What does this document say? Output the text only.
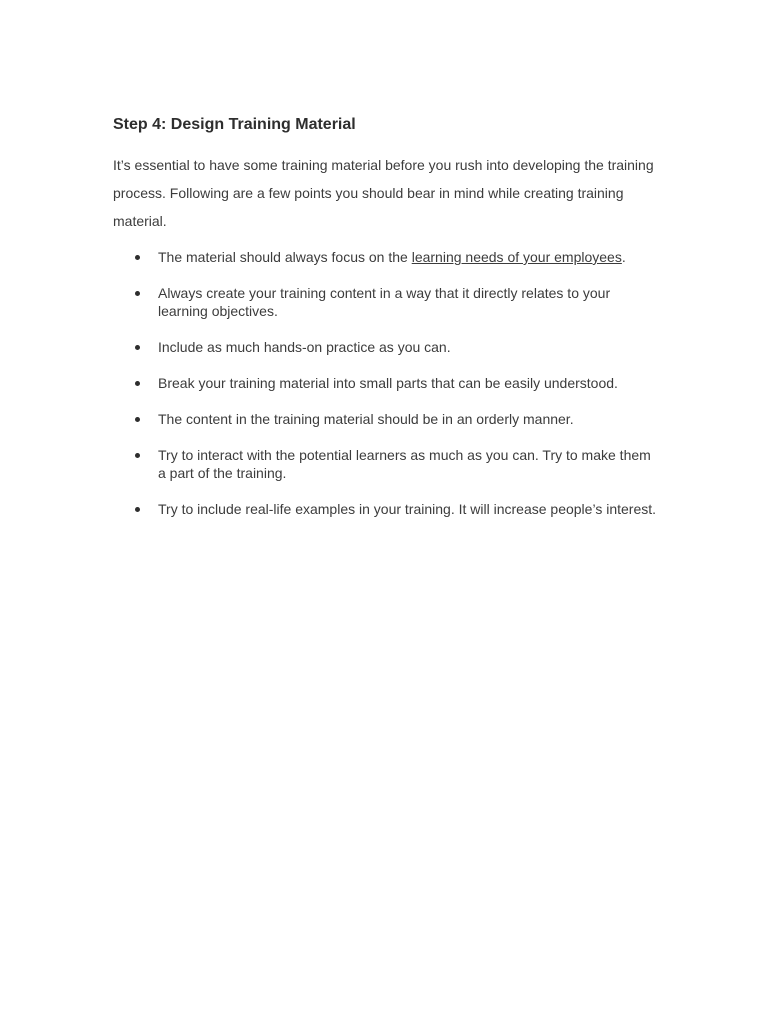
Step 4: Design Training Material

It’s essential to have some training material before you rush into developing the training process. Following are a few points you should bear in mind while creating training material.

The material should always focus on the learning needs of your employees.
Always create your training content in a way that it directly relates to your learning objectives.
Include as much hands-on practice as you can.
Break your training material into small parts that can be easily understood.
The content in the training material should be in an orderly manner.
Try to interact with the potential learners as much as you can. Try to make them a part of the training.
Try to include real-life examples in your training. It will increase people’s interest.
